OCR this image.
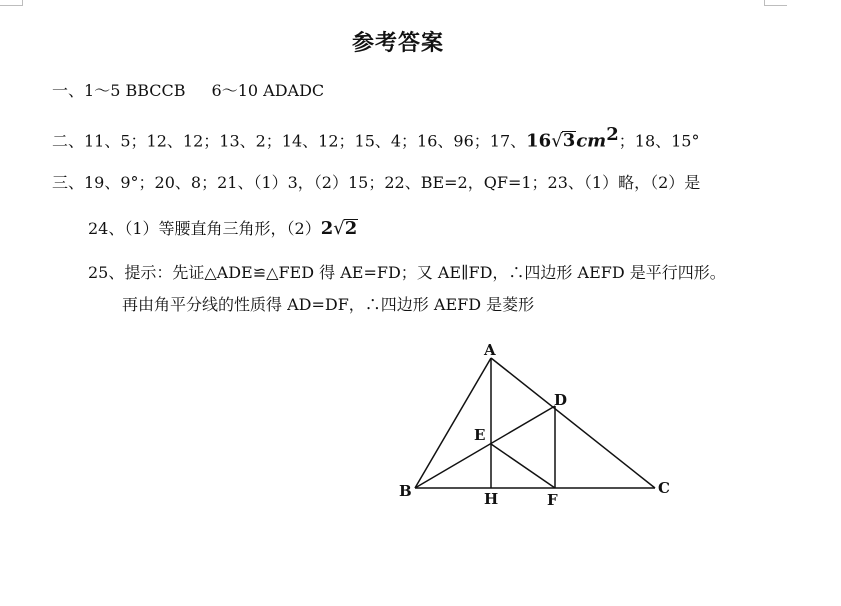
参考答案
一、1～5 BBCCB 6～10 ADADC
二、11、5；12、12；13、2；14、12；15、4；16、96；17、$16√3cm^2$；18、15°
三、19、9°；20、8；21、（1）3，（2）15；22、BE=2，QF=1；23、（1）略，（2）是
24、（1）等腰直角三角形，（2）2√2
25、提示：先证△ADE≌△FED 得 AE=FD；又 AE∥FD，∴四边形 AEFD 是平行四形。
再由角平分线的性质得 AD=DF，∴四边形 AEFD 是菱形
A
B	C
D
E
F
H
